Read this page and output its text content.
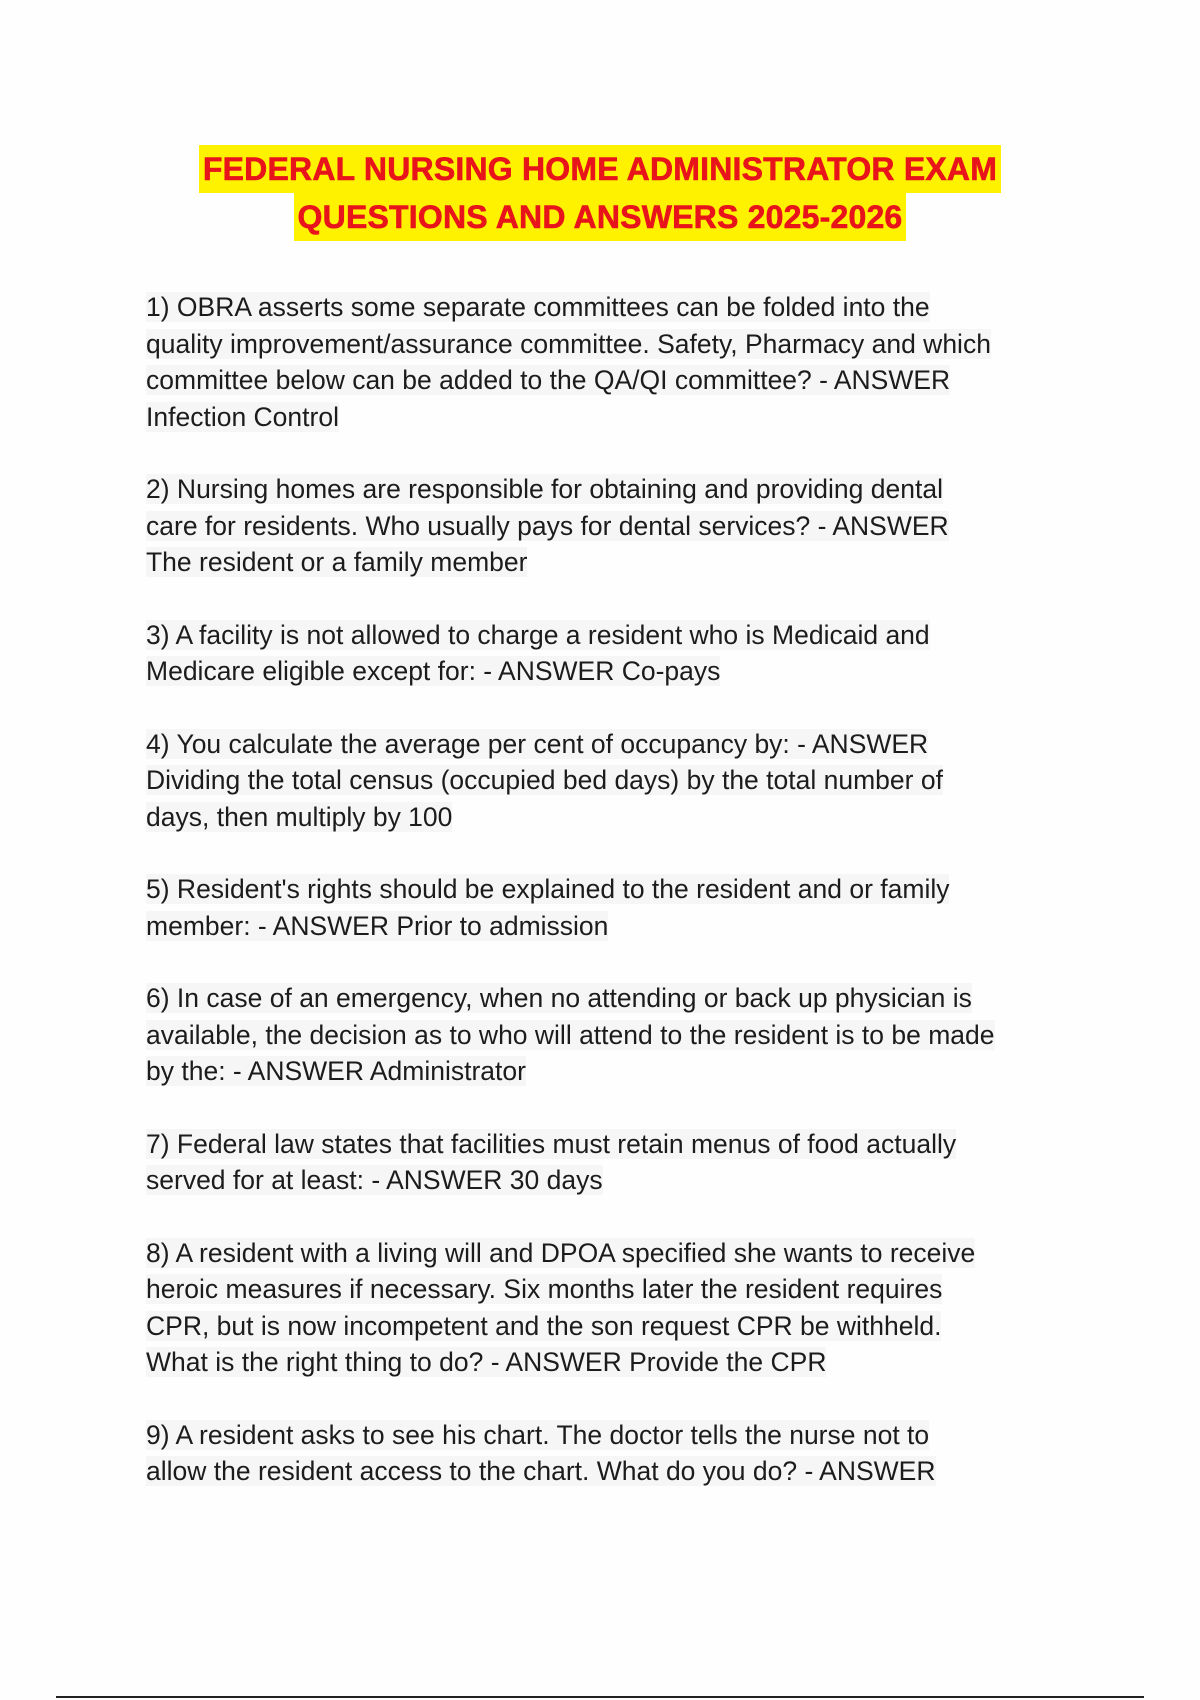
FEDERAL NURSING HOME ADMINISTRATOR EXAM
QUESTIONS AND ANSWERS 2025-2026
1) OBRA asserts some separate committees can be folded into the
quality improvement/assurance committee. Safety, Pharmacy and which
committee below can be added to the QA/QI committee? - ANSWER
Infection Control
2) Nursing homes are responsible for obtaining and providing dental
care for residents. Who usually pays for dental services? - ANSWER
The resident or a family member
3) A facility is not allowed to charge a resident who is Medicaid and
Medicare eligible except for: - ANSWER Co-pays
4) You calculate the average per cent of occupancy by: - ANSWER
Dividing the total census (occupied bed days) by the total number of
days, then multiply by 100
5) Resident's rights should be explained to the resident and or family
member: - ANSWER Prior to admission
6) In case of an emergency, when no attending or back up physician is
available, the decision as to who will attend to the resident is to be made
by the: - ANSWER Administrator
7) Federal law states that facilities must retain menus of food actually
served for at least: - ANSWER 30 days
8) A resident with a living will and DPOA specified she wants to receive
heroic measures if necessary. Six months later the resident requires
CPR, but is now incompetent and the son request CPR be withheld.
What is the right thing to do? - ANSWER Provide the CPR
9) A resident asks to see his chart. The doctor tells the nurse not to
allow the resident access to the chart. What do you do? - ANSWER
